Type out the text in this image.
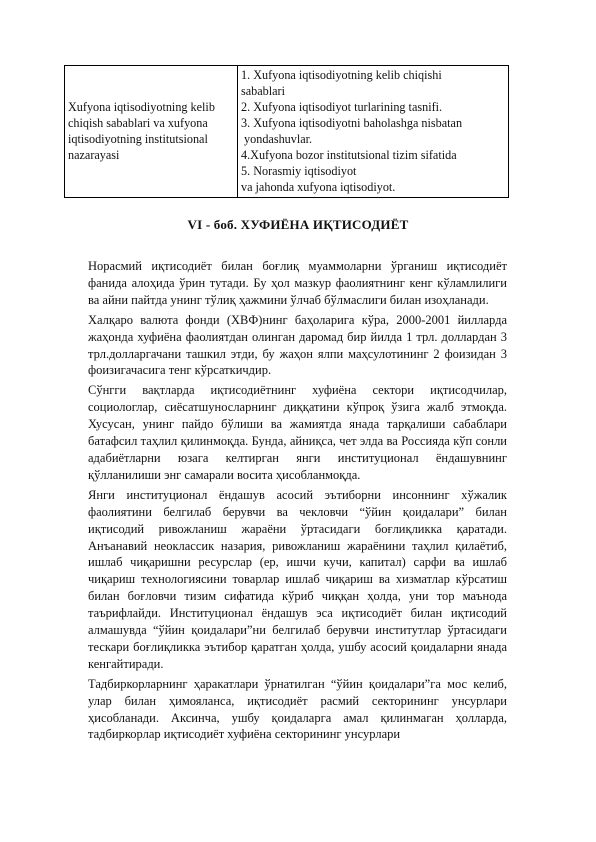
Xufyona iqtisodiyotning kelib chiqish sabablari va xufyona iqtisodiyotning institutsional nazarayasi	
1. Xufyona iqtisodiyotning kelib chiqishi
sabablari
2. Xufyona iqtisodiyot turlarining tasnifi.
3. Xufyona iqtisodiyotni baholashga nisbatan
yondashuvlar.
4.Xufyona bozor institutsional tizim sifatida
5. Norasmiy iqtisodiyot
va jahonda xufyona iqtisodiyot.
VI - боб. ХУФИЁНА ИҚТИСОДИЁТ

Норасмий иқтисодиёт билан боғлиқ муаммоларни ўрганиш иқтисодиёт фанида алоҳида ўрин тутади. Бу ҳол мазкур фаолиятнинг кенг кўламлилиги ва айни пайтда унинг тўлиқ ҳажмини ўлчаб бўлмаслиги билан изоҳланади.

Халқаро валюта фонди (ХВФ)нинг баҳоларига кўра, 2000-2001 йилларда жаҳонда хуфиёна фаолиятдан олинган даромад бир йилда 1 трл. доллардан 3 трл.долларгачани ташкил этди, бу жаҳон ялпи маҳсулотининг 2 фоизидан 3 фоизигачасига тенг кўрсаткичдир.

Сўнгги вақтларда иқтисодиётнинг хуфиёна сектори иқтисодчилар, социологлар, сиёсатшуносларнинг диққатини кўпроқ ўзига жалб этмоқда. Хусусан, унинг пайдо бўлиши ва жамиятда янада тарқалиши сабаблари батафсил таҳлил қилинмоқда. Бунда, айниқса, чет элда ва Россияда кўп сонли адабиётларни юзага келтирган янги институционал ёндашувнинг қўлланилиши энг самарали восита ҳисобланмоқда.

Янги институционал ёндашув асосий эътиборни инсоннинг хўжалик фаолиятини белгилаб берувчи ва чекловчи “ўйин қоидалари” билан иқтисодий ривожланиш жараёни ўртасидаги боғлиқликка қаратади. Анъанавий неоклассик назария, ривожланиш жараёнини таҳлил қилаётиб, ишлаб чиқаришни ресурслар (ер, ишчи кучи, капитал) сарфи ва ишлаб чиқариш технологиясини товарлар ишлаб чиқариш ва хизматлар кўрсатиш билан боғловчи тизим сифатида кўриб чиққан ҳолда, уни тор маънода таърифлайди. Институционал ёндашув эса иқтисодиёт билан иқтисодий алмашувда “ўйин қоидалари”ни белгилаб берувчи институтлар ўртасидаги тескари боғлиқликка эътибор қаратган ҳолда, ушбу асосий қоидаларни янада кенгайтиради.

Тадбиркорларнинг ҳаракатлари ўрнатилган “ўйин қоидалари”га мос келиб, улар билан ҳимояланса, иқтисодиёт расмий секторининг унсурлари ҳисобланади. Аксинча, ушбу қоидаларга амал қилинмаган ҳолларда, тадбиркорлар иқтисодиёт хуфиёна секторининг унсурлари
